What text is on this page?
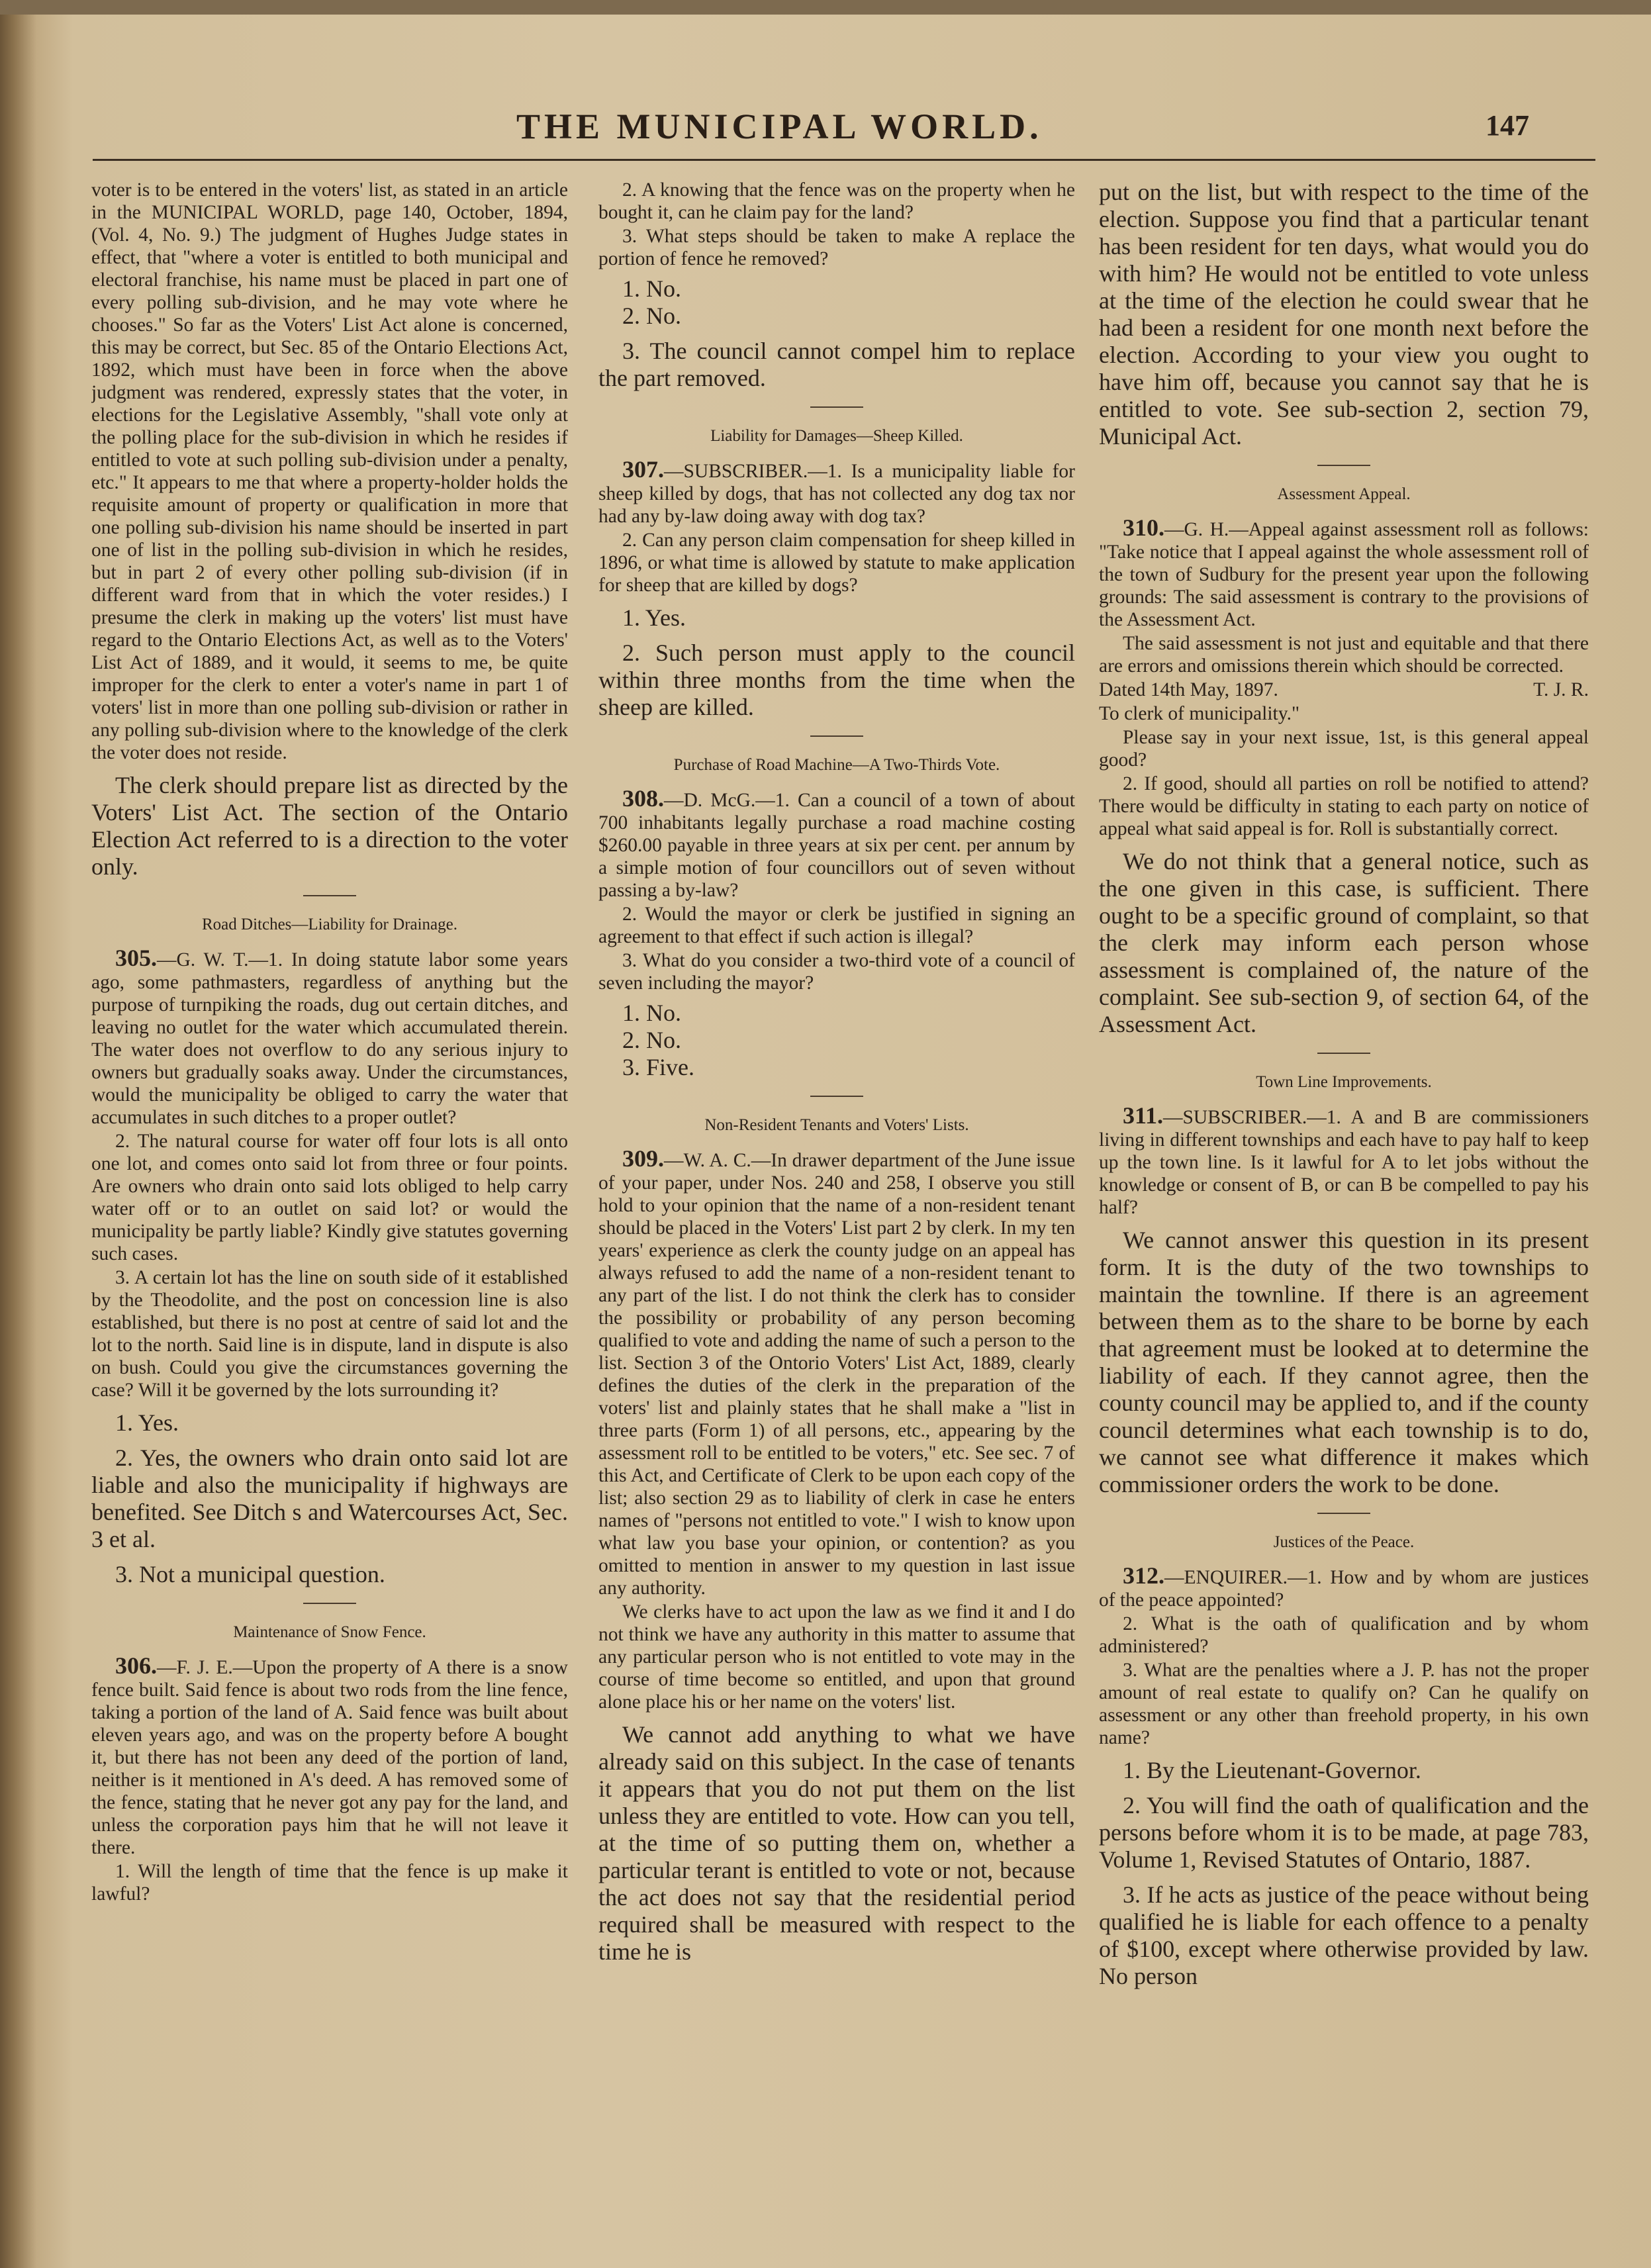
THE MUNICIPAL WORLD.	147

voter is to be entered in the voters' list, as stated in an article in the MUNICIPAL WORLD, page 140, October, 1894, (Vol. 4, No. 9.) The judgment of Hughes Judge states in effect, that "where a voter is entitled to both municipal and electoral franchise, his name must be placed in part one of every polling sub-division, and he may vote where he chooses." So far as the Voters' List Act alone is concerned, this may be correct, but Sec. 85 of the Ontario Elections Act, 1892, which must have been in force when the above judgment was rendered, expressly states that the voter, in elections for the Legislative Assembly, "shall vote only at the polling place for the sub-division in which he resides if entitled to vote at such polling sub-division under a penalty, etc." It appears to me that where a property-holder holds the requisite amount of property or qualification in more that one polling sub-division his name should be inserted in part one of list in the polling sub-division in which he resides, but in part 2 of every other polling sub-division (if in different ward from that in which the voter resides.) I presume the clerk in making up the voters' list must have regard to the Ontario Elections Act, as well as to the Voters' List Act of 1889, and it would, it seems to me, be quite improper for the clerk to enter a voter's name in part 1 of voters' list in more than one polling sub-division or rather in any polling sub-division where to the knowledge of the clerk the voter does not reside.

The clerk should prepare list as directed by the Voters' List Act. The section of the Ontario Election Act referred to is a direction to the voter only.

Road Ditches—Liability for Drainage.

305.—G. W. T.—1. In doing statute labor some years ago, some pathmasters, regardless of anything but the purpose of turnpiking the roads, dug out certain ditches, and leaving no outlet for the water which accumulated therein. The water does not overflow to do any serious injury to owners but gradually soaks away. Under the circumstances, would the municipality be obliged to carry the water that accumulates in such ditches to a proper outlet?

2. The natural course for water off four lots is all onto one lot, and comes onto said lot from three or four points. Are owners who drain onto said lots obliged to help carry water off or to an outlet on said lot? or would the municipality be partly liable? Kindly give statutes governing such cases.

3. A certain lot has the line on south side of it established by the Theodolite, and the post on concession line is also established, but there is no post at centre of said lot and the lot to the north. Said line is in dispute, land in dispute is also on bush. Could you give the circumstances governing the case? Will it be governed by the lots surrounding it?

1. Yes.

2. Yes, the owners who drain onto said lot are liable and also the municipality if highways are benefited. See Ditch s and Watercourses Act, Sec. 3 et al.

3. Not a municipal question.

Maintenance of Snow Fence.

306.—F. J. E.—Upon the property of A there is a snow fence built. Said fence is about two rods from the line fence, taking a portion of the land of A. Said fence was built about eleven years ago, and was on the property before A bought it, but there has not been any deed of the portion of land, neither is it mentioned in A's deed. A has removed some of the fence, stating that he never got any pay for the land, and unless the corporation pays him that he will not leave it there.

1. Will the length of time that the fence is up make it lawful?

2. A knowing that the fence was on the property when he bought it, can he claim pay for the land?

3. What steps should be taken to make A replace the portion of fence he removed?

1. No.
2. No.

3. The council cannot compel him to replace the part removed.

Liability for Damages—Sheep Killed.

307.—SUBSCRIBER.—1. Is a municipality liable for sheep killed by dogs, that has not collected any dog tax nor had any by-law doing away with dog tax?

2. Can any person claim compensation for sheep killed in 1896, or what time is allowed by statute to make application for sheep that are killed by dogs?

1. Yes.

2. Such person must apply to the council within three months from the time when the sheep are killed.

Purchase of Road Machine—A Two-Thirds Vote.

308.—D. McG.—1. Can a council of a town of about 700 inhabitants legally purchase a road machine costing $260.00 payable in three years at six per cent. per annum by a simple motion of four councillors out of seven without passing a by-law?

2. Would the mayor or clerk be justified in signing an agreement to that effect if such action is illegal?

3. What do you consider a two-third vote of a council of seven including the mayor?

1. No.
2. No.
3. Five.

Non-Resident Tenants and Voters' Lists.

309.—W. A. C.—In drawer department of the June issue of your paper, under Nos. 240 and 258, I observe you still hold to your opinion that the name of a non-resident tenant should be placed in the Voters' List part 2 by clerk. In my ten years' experience as clerk the county judge on an appeal has always refused to add the name of a non-resident tenant to any part of the list. I do not think the clerk has to consider the possibility or probability of any person becoming qualified to vote and adding the name of such a person to the list. Section 3 of the Ontorio Voters' List Act, 1889, clearly defines the duties of the clerk in the preparation of the voters' list and plainly states that he shall make a "list in three parts (Form 1) of all persons, etc., appearing by the assessment roll to be entitled to be voters," etc. See sec. 7 of this Act, and Certificate of Clerk to be upon each copy of the list; also section 29 as to liability of clerk in case he enters names of "persons not entitled to vote." I wish to know upon what law you base your opinion, or contention? as you omitted to mention in answer to my question in last issue any authority.

We clerks have to act upon the law as we find it and I do not think we have any authority in this matter to assume that any particular person who is not entitled to vote may in the course of time become so entitled, and upon that ground alone place his or her name on the voters' list.

We cannot add anything to what we have already said on this subject. In the case of tenants it appears that you do not put them on the list unless they are entitled to vote. How can you tell, at the time of so putting them on, whether a particular terant is entitled to vote or not, because the act does not say that the residential period required shall be measured with respect to the time he is

put on the list, but with respect to the time of the election. Suppose you find that a particular tenant has been resident for ten days, what would you do with him? He would not be entitled to vote unless at the time of the election he could swear that he had been a resident for one month next before the election. According to your view you ought to have him off, because you cannot say that he is entitled to vote. See sub-section 2, section 79, Municipal Act.

Assessment Appeal.

310.—G. H.—Appeal against assessment roll as follows: "Take notice that I appeal against the whole assessment roll of the town of Sudbury for the present year upon the following grounds: The said assessment is contrary to the provisions of the Assessment Act.

The said assessment is not just and equitable and that there are errors and omissions therein which should be corrected.

Dated 14th May, 1897.	T. J. R.

To clerk of municipality."

Please say in your next issue, 1st, is this general appeal good?

2. If good, should all parties on roll be notified to attend? There would be difficulty in stating to each party on notice of appeal what said appeal is for. Roll is substantially correct.

We do not think that a general notice, such as the one given in this case, is sufficient. There ought to be a specific ground of complaint, so that the clerk may inform each person whose assessment is complained of, the nature of the complaint. See sub-section 9, of section 64, of the Assessment Act.

Town Line Improvements.

311.—SUBSCRIBER.—1. A and B are commissioners living in different townships and each have to pay half to keep up the town line. Is it lawful for A to let jobs without the knowledge or consent of B, or can B be compelled to pay his half?

We cannot answer this question in its present form. It is the duty of the two townships to maintain the townline. If there is an agreement between them as to the share to be borne by each that agreement must be looked at to determine the liability of each. If they cannot agree, then the county council may be applied to, and if the county council determines what each township is to do, we cannot see what difference it makes which commissioner orders the work to be done.

Justices of the Peace.

312.—ENQUIRER.—1. How and by whom are justices of the peace appointed?

2. What is the oath of qualification and by whom administered?

3. What are the penalties where a J. P. has not the proper amount of real estate to qualify on? Can he qualify on assessment or any other than freehold property, in his own name?

1. By the Lieutenant-Governor.

2. You will find the oath of qualification and the persons before whom it is to be made, at page 783, Volume 1, Revised Statutes of Ontario, 1887.

3. If he acts as justice of the peace without being qualified he is liable for each offence to a penalty of $100, except where otherwise provided by law. No person
